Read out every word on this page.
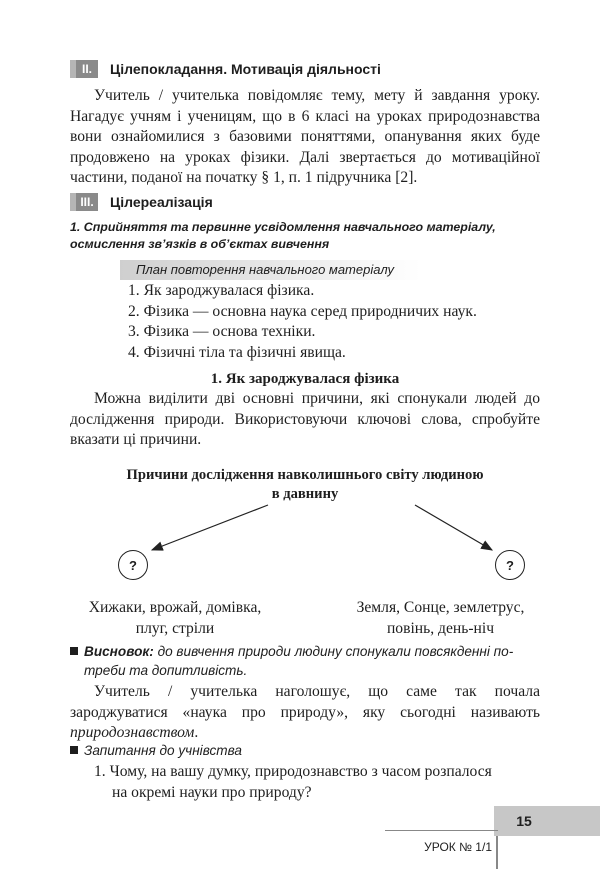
II.	Цілепокладання. Мотивація діяльності

Учитель / учителька повідомляє тему, мету й завдання уроку. Нагадує учням і ученицям, що в 6 класі на уроках природознавства вони ознайомилися з базовими поняттями, опанування яких буде продовжено на уроках фізики. Далі звертається до мотиваційної частини, поданої на початку § 1, п. 1 підручника [2].

III.	Цілереалізація
1. Сприйняття та первинне усвідомлення навчального матеріалу,
осмислення зв’язків в об’єктах вивчення
План повторення навчального матеріалу
1. Як зароджувалася фізика.
2. Фізика — основна наука серед природничих наук.
3. Фізика — основа техніки.
4. Фізичні тіла та фізичні явища.
1. Як зароджувалася фізика

Можна виділити дві основні причини, які спонукали людей до дослідження природи. Використовуючи ключові слова, спробуйте вказати ці причини.

Причини дослідження навколишнього світу людиною
в давнину
?	?
Хижаки, врожай, домівка,
плуг, стріли
Земля, Сонце, землетрус,
повінь, день-ніч
Висновок: до вивчення природи людину спонукали повсякденні по-
треби та допитливість.

Учитель / учителька наголошує, що саме так почала зароджуватися «наука про природу», яку сьогодні називають природознавством.

Запитання до учнівства
1. Чому, на вашу думку, природознавство з часом розпалося
на окремі науки про природу?
15
УРОК № 1/1
